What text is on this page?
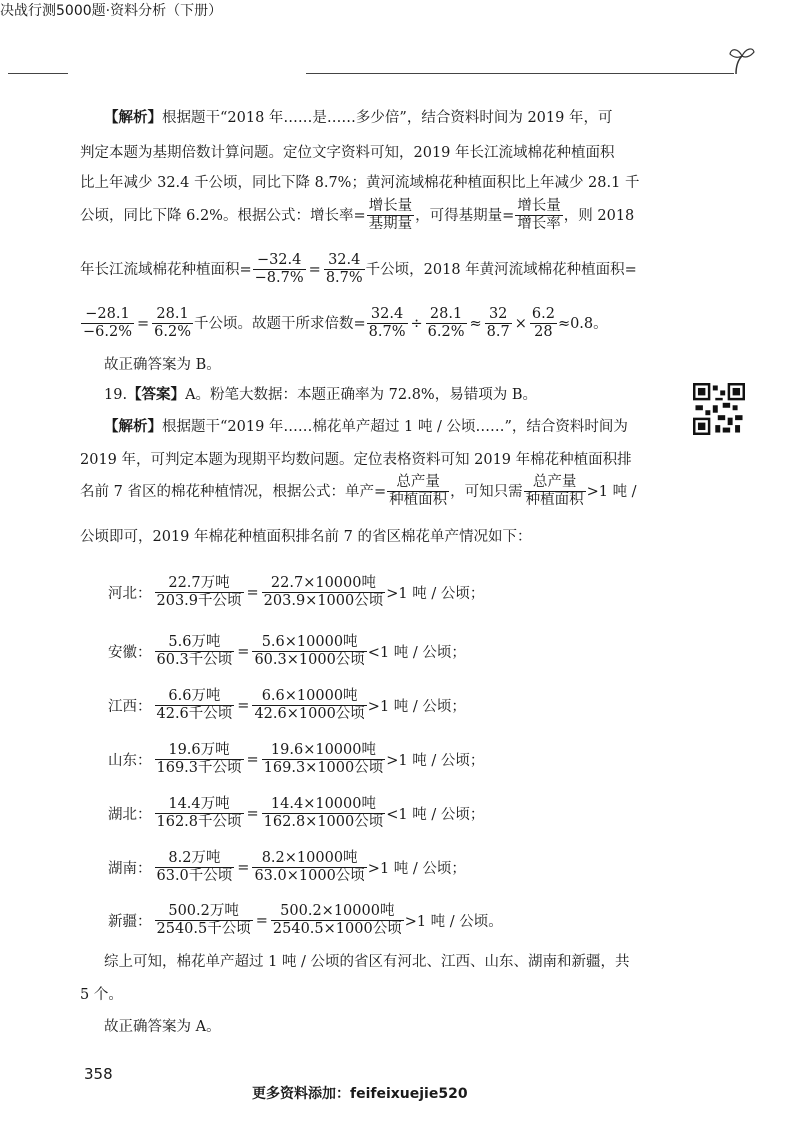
决战行测5000题·资料分析（下册）
【解析】根据题干“2018 年……是……多少倍”，结合资料时间为 2019 年，可
判定本题为基期倍数计算问题。定位文字资料可知，2019 年长江流域棉花种植面积
比上年减少 32.4 千公顷，同比下降 8.7%；黄河流域棉花种植面积比上年减少 28.1 千
公顷，同比下降 6.2%。根据公式：增长率= $\frac{\text{增长量}}{\text{基期量}}$ ，可得基期量= $\frac{\text{增长量}}{\text{增长率}}$ ，则 2018
年长江流域棉花种植面积= $\frac{-32.4}{-8.7\%} = \frac{32.4}{8.7\%}$ 千公顷，2018 年黄河流域棉花种植面积=
$\frac{-28.1}{-6.2\%} = \frac{28.1}{6.2\%}$ 千公顷。故题干所求倍数= $\frac{32.4}{8.7\%} \div \frac{28.1}{6.2\%} \approx \frac{32}{8.7} \times \frac{6.2}{28} \approx 0.8$。
故正确答案为 B。
19.【答案】A。粉笔大数据：本题正确率为 72.8%，易错项为 B。
【解析】根据题干“2019 年……棉花单产超过 1 吨 / 公顷……”，结合资料时间为
2019 年，可判定本题为现期平均数问题。定位表格资料可知 2019 年棉花种植面积排
名前 7 省区的棉花种植情况，根据公式：单产= $\frac{\text{总产量}}{\text{种植面积}}$ ，可知只需 $\frac{\text{总产量}}{\text{种植面积}} >1$ 吨 /
公顷即可，2019 年棉花种植面积排名前 7 的省区棉花单产情况如下：
河北： $\frac{\text{22.7万吨}}{\text{203.9千公顷}} = \frac{\text{22.7×10000吨}}{\text{203.9×1000公顷}} >1$ 吨 / 公顷；
安徽： $\frac{\text{5.6万吨}}{\text{60.3千公顷}} = \frac{\text{5.6×10000吨}}{\text{60.3×1000公顷}} <1$ 吨 / 公顷；
江西： $\frac{\text{6.6万吨}}{\text{42.6千公顷}} = \frac{\text{6.6×10000吨}}{\text{42.6×1000公顷}} >1$ 吨 / 公顷；
山东： $\frac{\text{19.6万吨}}{\text{169.3千公顷}} = \frac{\text{19.6×10000吨}}{\text{169.3×1000公顷}} >1$ 吨 / 公顷；
湖北： $\frac{\text{14.4万吨}}{\text{162.8千公顷}} = \frac{\text{14.4×10000吨}}{\text{162.8×1000公顷}} <1$ 吨 / 公顷；
湖南： $\frac{\text{8.2万吨}}{\text{63.0千公顷}} = \frac{\text{8.2×10000吨}}{\text{63.0×1000公顷}} >1$ 吨 / 公顷；
新疆： $\frac{\text{500.2万吨}}{\text{2540.5千公顷}} = \frac{\text{500.2×10000吨}}{\text{2540.5×1000公顷}} >1$ 吨 / 公顷。
综上可知，棉花单产超过 1 吨 / 公顷的省区有河北、江西、山东、湖南和新疆，共
5 个。
故正确答案为 A。
358
更多资料添加：feifeixuejie520
